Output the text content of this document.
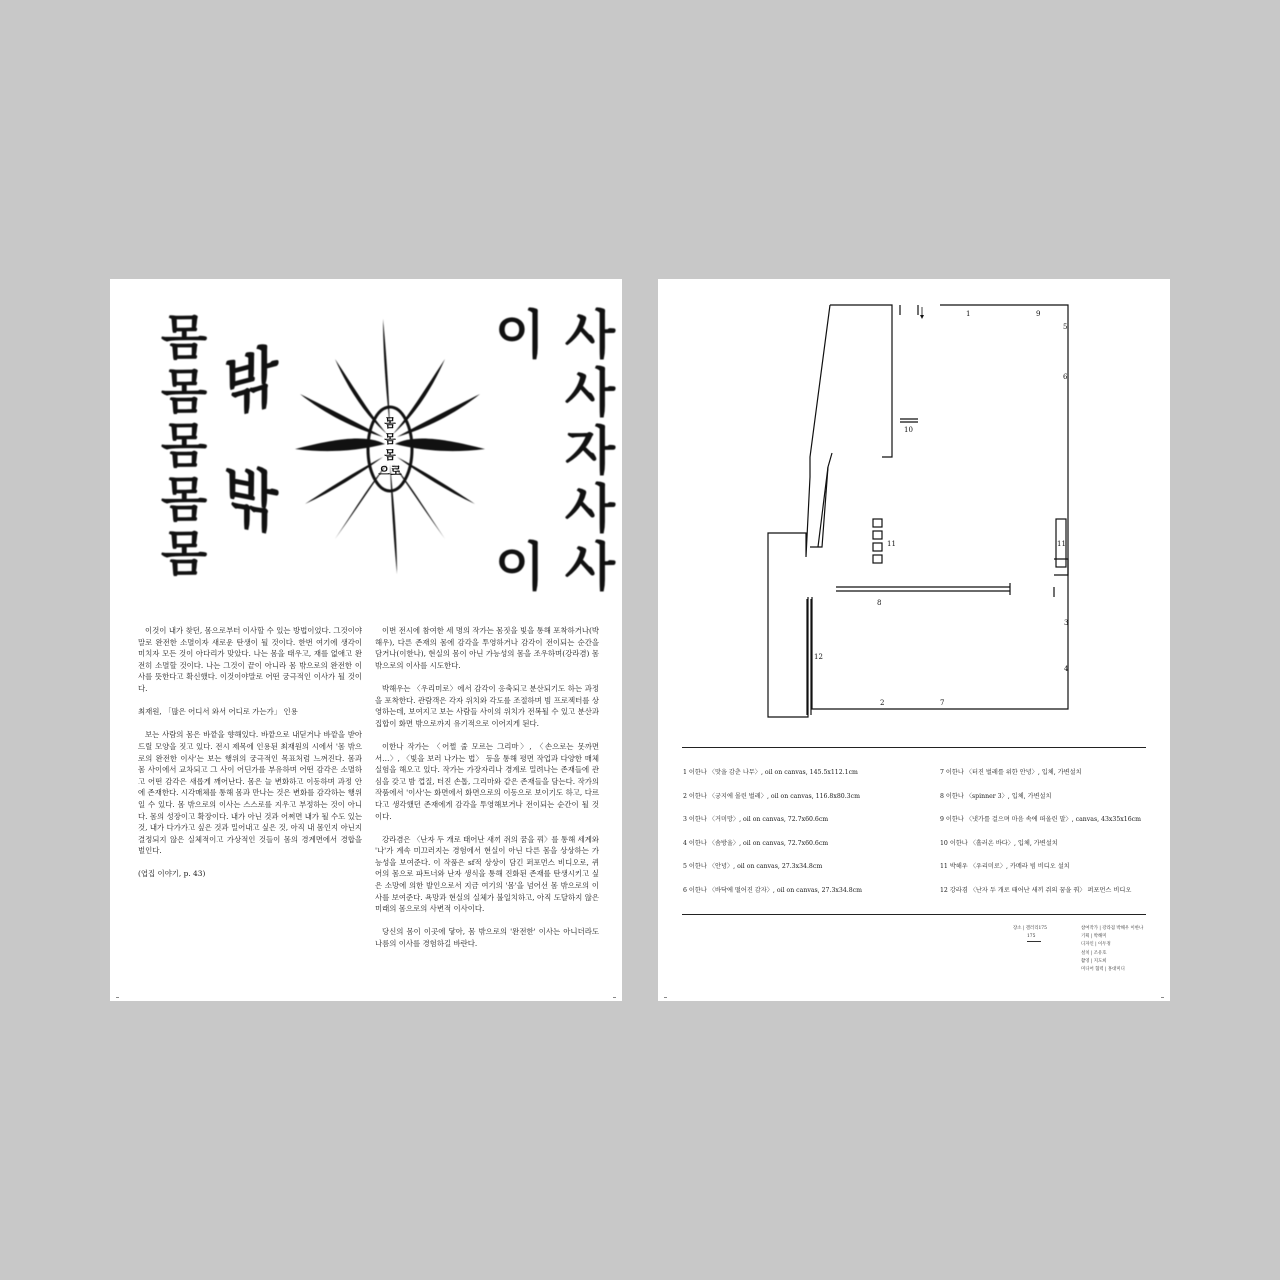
몸
몸
몸
몸
몸
밖
밖
몸
몸
몸
으로
이 사
사
자
사
이 사

이것이 내가 찾던, 몸으로부터 이사할 수 있는 방법이었다. 그것이야말로 완전한 소멸이자 새로운 탄생이 될 것이다. 한번 여기에 생각이 미치자 모든 것이 아다리가 맞았다. 나는 몸을 태우고, 재를 없애고 완전히 소멸할 것이다. 나는 그것이 끝이 아니라 몸 밖으로의 완전한 이사를 뜻한다고 확신했다. 이것이야말로 어떤 궁극적인 이사가 될 것이다.

최재원, 「많은 어디서 와서 어디로 가는가」 인용

보는 사람의 몸은 바깥을 향해있다. 바깥으로 내딛거나 바깥을 받아 드릴 모양을 짓고 있다. 전시 제목에 인용된 최재원의 시에서 '몸 밖으로의 완전한 이사'는 보는 행위의 궁극적인 목표처럼 느껴진다. 몸과 몸 사이에서 교차되고 그 사이 어딘가를 부유하며 어떤 감각은 소멸하고 어떤 감각은 새롭게 깨어난다. 몸은 늘 변화하고 이동하며 과정 안에 존재한다. 시각매체를 통해 몸과 만나는 것은 변화를 감각하는 행위일 수 있다. 몸 밖으로의 이사는 스스로를 지우고 부정하는 것이 아니다. 몸의 성장이고 확장이다. 내가 아닌 것과 어쩌면 내가 될 수도 있는 것, 내가 다가가고 싶은 것과 밀어내고 싶은 것, 아직 내 몸인지 아닌지 결정되지 않은 실체적이고 가상적인 것들이 몸의 경계면에서 경합을 벌인다.

(엽집 이야기, p. 43)

이번 전시에 참여한 세 명의 작가는 몸짓을 빛을 통해 포착하거나(박해우), 다른 존재의 몸에 감각을 투영하거나 감각이 전이되는 순간을 담거나(이한나), 현실의 몸이 아닌 가능성의 몸을 조우하며(강라겸) 몸 밖으로의 이사를 시도한다.

박해우는 〈우리미로〉에서 감각이 응축되고 분산되기도 하는 과정을 포착한다. 관람객은 각자 위치와 각도를 조절하며 빔 프로젝터를 상영하는데, 보여지고 보는 사람들 사이의 위치가 전복될 수 있고 분산과 집합이 화면 밖으로까지 유기적으로 이어지게 된다.

이한나 작가는 〈어쩔 줄 모르는 그리마〉, 〈손으로는 못까면서…〉, 〈빛을 보러 나가는 법〉 등을 통해 평면 작업과 다양한 매체 실험을 해오고 있다. 작가는 가장자리나 경계로 밀려나는 존재들에 관심을 갖고 밤 껍질, 터진 손톱, 그리마와 같은 존재들을 담는다. 작가의 작품에서 '이사'는 화면에서 화면으로의 이동으로 보이기도 하고, 다르다고 생각했던 존재에게 감각을 투영해보거나 전이되는 순간이 될 것이다.

강라겸은 〈난자 두 개로 태어난 새끼 쥐의 꿈을 꿔〉를 통해 세계와 '나'가 계속 미끄러지는 경험에서 현실이 아닌 다른 몸을 상상하는 가능성을 보여준다. 이 작품은 sf적 상상이 담긴 퍼포먼스 비디오로, 퀴어의 몸으로 파트너와 난자 생식을 통해 진화된 존재를 탄생시키고 싶은 소망에 의한 발인으로서 지금 여기의 '몸'을 넘어선 몸 밖으로의 이사를 보여준다. 욕망과 현실의 실체가 불일치하고, 아직 도달하지 않은 미래의 몸으로의 사변적 이사이다.

당신의 몸이 이곳에 닿아, 몸 밖으로의 '완전한' 이사는 아니더라도 나름의 이사를 경험하길 바란다.

1	9
5
6
10
11	11
8
12
3
4
2	7
1 이한나 〈맛을 감춘 나무〉, oil on canvas, 145.5x112.1cm
2 이한나 〈궁지에 몰린 벌레〉, oil on canvas, 116.8x80.3cm
3 이한나 〈거미망〉, oil on canvas, 72.7x60.6cm
4 이한나 〈솜방울〉, oil on canvas, 72.7x60.6cm
5 이한나 〈안녕〉, oil on canvas, 27.3x34.8cm
6 이한나 〈바닥에 떨어진 감자〉, oil on canvas, 27.3x34.8cm
7 이한나 〈터진 벌레를 위한 안녕〉, 입체, 가변설치
8 이한나 〈spinner 3〉, 입체, 가변설치
9 이한나 〈냇가를 걸으며 마음 속에 떠올린 말〉, canvas, 43x35x16cm
10 이한나 〈흘러온 바다〉, 입체, 가변설치
11 박해우 〈우리미로〉, 카메라 빔 비디오 설치
12 강라겸 〈난자 두 개로 태어난 새끼 쥐의 꿈을 꿔〉 퍼포먼스 비디오
장소 | 갤러리175
175
참여작가 | 강라겸 박해우 이한나
기획 | 박해미
디자인 | 이두정
설치 | 조유호
촬영 | 지도희
미디어 협력 | 홍대미디
